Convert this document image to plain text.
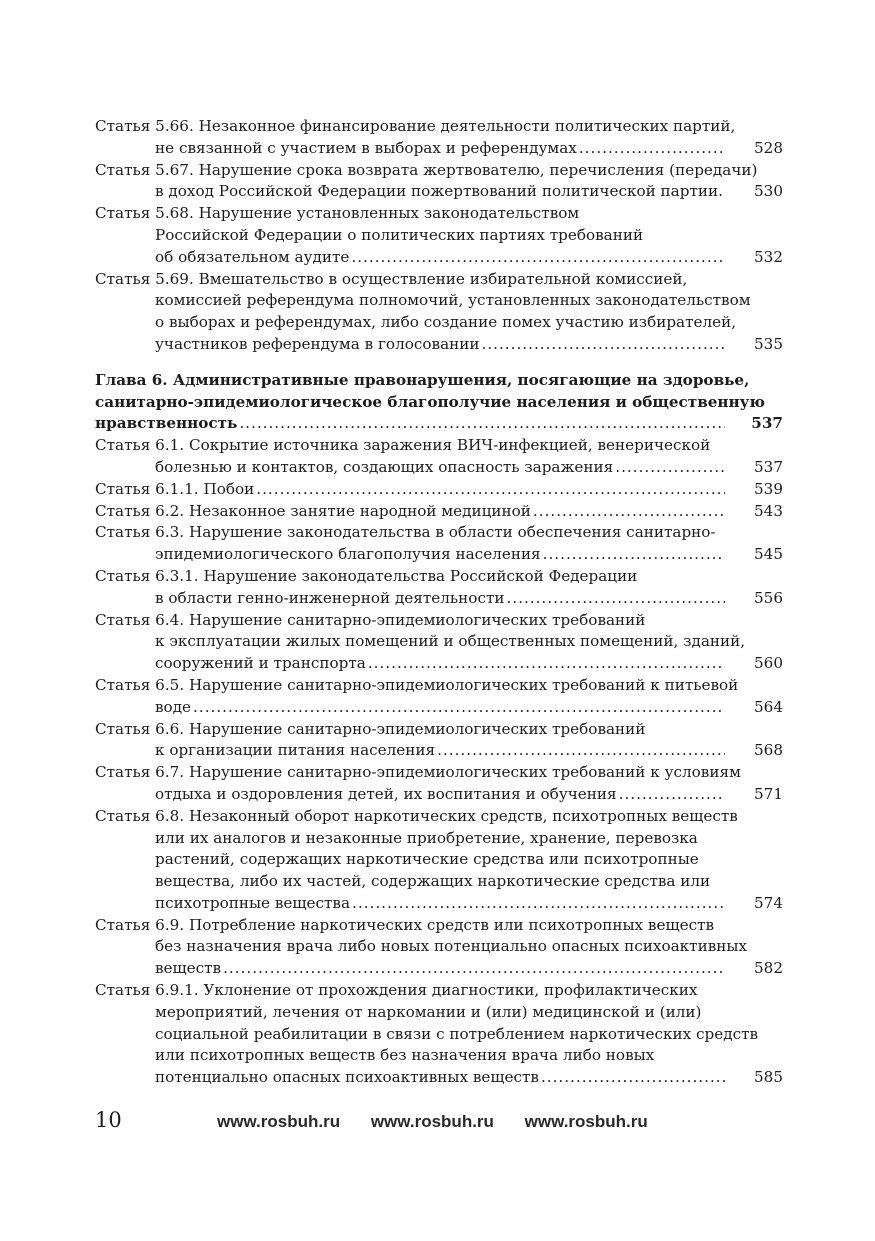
Статья 5.66. Незаконное финансирование деятельности политических партий,
не связанной с участием в выборах и референдумах .....	528
Статья 5.67. Нарушение срока возврата жертвователю, перечисления (передачи)
в доход Российской Федерации пожертвований политической партии. ..... 530
Статья 5.68. Нарушение установленных законодательством
Российской Федерации о политических партиях требований
об обязательном аудите .....	532
Статья 5.69. Вмешательство в осуществление избирательной комиссией,
комиссией референдума полномочий, установленных законодательством
о выборах и референдумах, либо создание помех участию избирателей,
участников референдума в голосовании .....	535
Глава 6. Административные правонарушения, посягающие на здоровье,
санитарно-эпидемиологическое благополучие населения и общественную
нравственность .....	537
Статья 6.1. Сокрытие источника заражения ВИЧ-инфекцией, венерической
болезнью и контактов, создающих опасность заражения .....	537
Статья 6.1.1. Побои .....	539
Статья 6.2. Незаконное занятие народной медициной .....	543
Статья 6.3. Нарушение законодательства в области обеспечения санитарно-
эпидемиологического благополучия населения .....	545
Статья 6.3.1. Нарушение законодательства Российской Федерации
в области генно-инженерной деятельности .....	556
Статья 6.4. Нарушение санитарно-эпидемиологических требований
к эксплуатации жилых помещений и общественных помещений, зданий,
сооружений и транспорта .....	560
Статья 6.5. Нарушение санитарно-эпидемиологических требований к питьевой
воде .....	564
Статья 6.6. Нарушение санитарно-эпидемиологических требований
к организации питания населения .....	568
Статья 6.7. Нарушение санитарно-эпидемиологических требований к условиям
отдыха и оздоровления детей, их воспитания и обучения .....	571
Статья 6.8. Незаконный оборот наркотических средств, психотропных веществ
или их аналогов и незаконные приобретение, хранение, перевозка
растений, содержащих наркотические средства или психотропные
вещества, либо их частей, содержащих наркотические средства или
психотропные вещества .....	574
Статья 6.9. Потребление наркотических средств или психотропных веществ
без назначения врача либо новых потенциально опасных психоактивных
веществ .....	582
Статья 6.9.1. Уклонение от прохождения диагностики, профилактических
мероприятий, лечения от наркомании и (или) медицинской и (или)
социальной реабилитации в связи с потреблением наркотических средств
или психотропных веществ без назначения врача либо новых
потенциально опасных психоактивных веществ .....	585
10	www.rosbuh.ru www.rosbuh.ru www.rosbuh.ru
